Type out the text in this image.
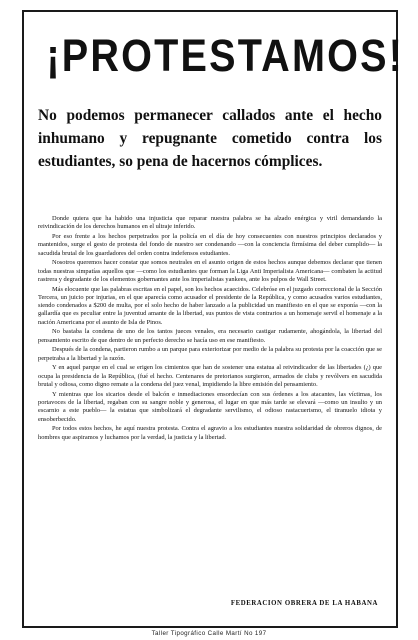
¡PROTESTAMOS!
No podemos permanecer callados ante el hecho inhumano y repugnante cometido contra los estudiantes, so pena de hacernos cómplices.

Donde quiera que ha habido una injusticia que reparar nuestra palabra se ha alzado enérgica y viril demandando la reivindicación de los derechos humanos en el ultraje inferido.

Por eso frente a los hechos perpetrados por la policía en el día de hoy consecuentes con nuestros principios declarados y mantenidos, surge el gesto de protesta del fondo de nuestro ser condenando —con la conciencia firmísima del deber cumplido— la sacudida brutal de los guardadores del orden contra indefensos estudiantes.

Nosotros queremos hacer constar que somos neutrales en el asunto origen de estos hechos aunque debemos declarar que tienen todas nuestras simpatías aquellos que —como los estudiantes que forman la Liga Anti Imperialista Americana— combaten la actitud rastrera y degradante de los elementos gobernantes ante los imperialistas yankees, ante los pulpos de Wall Street.

Más elocuente que las palabras escritas en el papel, son los hechos acaecidos. Celebróse en el juzgado correccional de la Sección Tercera, un juicio por injurias, en el que aparecía como acusador el presidente de la República, y como acusados varios estudiantes, siendo condenados a $200 de multa, por el solo hecho de haber lanzado a la publicidad un manifiesto en el que se exponía —con la gallardía que es peculiar entre la juventud amante de la libertad, sus puntos de vista contrarios a un homenaje servil el homenaje a la nación Americana por el asunto de Isla de Pinos.

No bastaba la condena de uno de los tantos jueces venales, era necesario castigar rudamente, ahogándola, la libertad del pensamiento escrito de que dentro de un perfecto derecho se hacía uso en ese manifiesto.

Después de la condena, partieron rumbo a un parque para exteriorizar por medio de la palabra su protesta por la coacción que se perpetraba a la libertad y la razón.

Y en aquel parque en el cual se erigen los cimientos que han de sostener una estatua al reivindicador de las libertades (¿) que ocupa la presidencia de la República, (fué el hecho. Centenares de pretorianos surgieron, armados de clubs y revólvers en sacudida brutal y odiosa, como digno remate a la condena del juez venal, impidiendo la libre emisión del pensamiento.

Y mientras que los sicarios desde el balcón e inmediaciones ensordecían con sus órdenes a los atacantes, las víctimas, los portavoces de la libertad, regaban con su sangre noble y generosa, el lugar en que más tarde se elevará —como un insulto y un escarnio a este pueblo— la estatua que simbolizará el degradante servilismo, el odioso rastacuerismo, el tiranuelo idiota y ensoberbecido.

Por todos estos hechos, he aquí nuestra protesta. Contra el agravio a los estudiantes nuestra solidaridad de obreros dignos, de hombres que aspiramos y luchamos por la verdad, la justicia y la libertad.

FEDERACION OBRERA DE LA HABANA

Taller Tipográfico Calle Martí No 197
